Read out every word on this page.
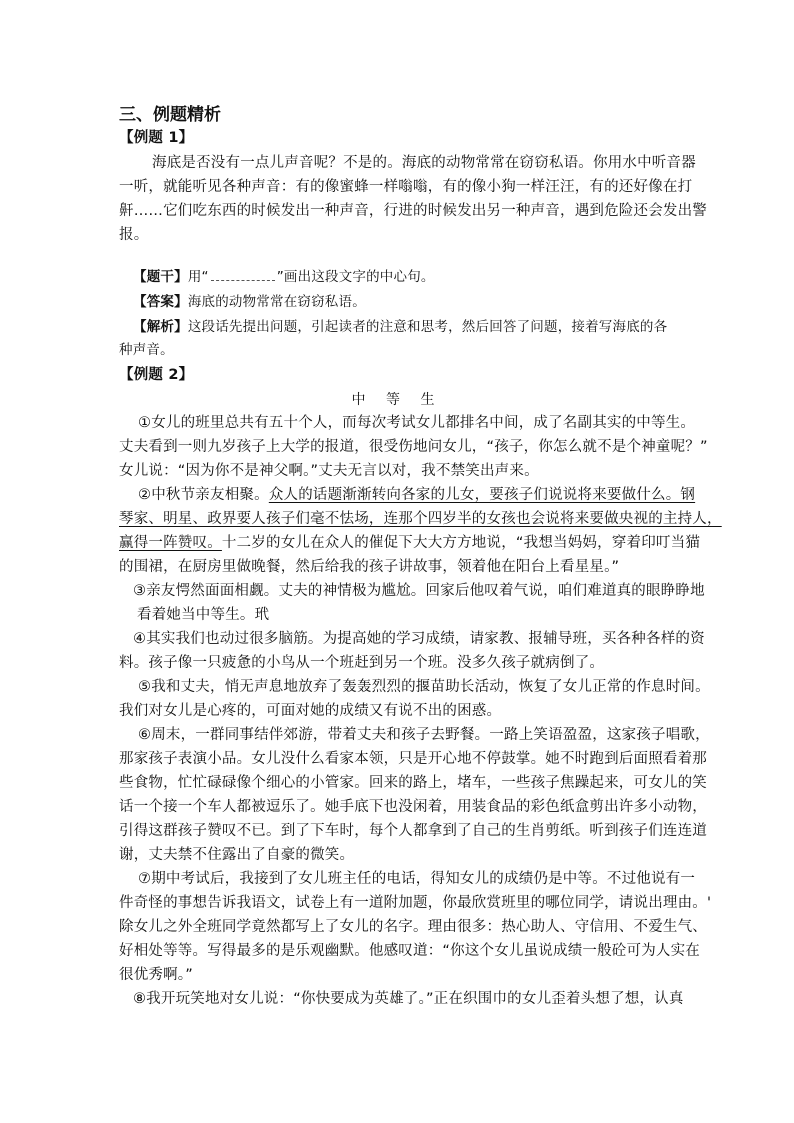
三、例题精析
【例题 1】
海底是否没有一点儿声音呢？不是的。海底的动物常常在窃窃私语。你用水中听音器
一听，就能听见各种声音：有的像蜜蜂一样嗡嗡，有的像小狗一样汪汪，有的还好像在打
鼾……它们吃东西的时候发出一种声音，行进的时候发出另一种声音，遇到危险还会发出警
报。
【题干】用“	”画出这段文字的中心句。
【答案】海底的动物常常在窃窃私语。
【解析】这段话先提出问题，引起读者的注意和思考，然后回答了问题，接着写海底的各
种声音。
【例题 2】
中 等 生
①女儿的班里总共有五十个人，而每次考试女儿都排名中间，成了名副其实的中等生。
丈夫看到一则九岁孩子上大学的报道，很受伤地问女儿，“孩子，你怎么就不是个神童呢？”
女儿说：“因为你不是神父啊。”丈夫无言以对，我不禁笑出声来。
②中秋节亲友相聚。众人的话题渐渐转向各家的儿女，要孩子们说说将来要做什么。钢
琴家、明星、政界要人孩子们毫不怯场，连那个四岁半的女孩也会说将来要做央视的主持人，
赢得一阵赞叹。十二岁的女儿在众人的催促下大大方方地说，“我想当妈妈，穿着印叮当猫
的围裙，在厨房里做晚餐，然后给我的孩子讲故事，领着他在阳台上看星星。”
③亲友愕然面面相觑。丈夫的神情极为尴尬。回家后他叹着气说，咱们难道真的眼睁睁地
看着她当中等生。玳
④其实我们也动过很多脑筋。为提高她的学习成绩，请家教、报辅导班，买各种各样的资
料。孩子像一只疲惫的小鸟从一个班赶到另一个班。没多久孩子就病倒了。
⑤我和丈夫，悄无声息地放弃了轰轰烈烈的揠苗助长活动，恢复了女儿正常的作息时间。
我们对女儿是心疼的，可面对她的成绩又有说不出的困惑。
⑥周末，一群同事结伴郊游，带着丈夫和孩子去野餐。一路上笑语盈盈，这家孩子唱歌，
那家孩子表演小品。女儿没什么看家本领，只是开心地不停鼓掌。她不时跑到后面照看着那
些食物，忙忙碌碌像个细心的小管家。回来的路上，堵车，一些孩子焦躁起来，可女儿的笑
话一个接一个车人都被逗乐了。她手底下也没闲着，用装食品的彩色纸盒剪出许多小动物，
引得这群孩子赞叹不已。到了下车时，每个人都拿到了自己的生肖剪纸。听到孩子们连连道
谢，丈夫禁不住露出了自豪的微笑。
⑦期中考试后，我接到了女儿班主任的电话，得知女儿的成绩仍是中等。不过他说有一
件奇怪的事想告诉我语文，试卷上有一道附加题，你最欣赏班里的哪位同学，请说出理由。'
除女儿之外全班同学竟然都写上了女儿的名字。理由很多：热心助人、守信用、不爱生气、
好相处等等。写得最多的是乐观幽默。他感叹道：“你这个女儿虽说成绩一般砼可为人实在
很优秀啊。”
⑧我开玩笑地对女儿说：“你快要成为英雄了。”正在织围巾的女儿歪着头想了想，认真
